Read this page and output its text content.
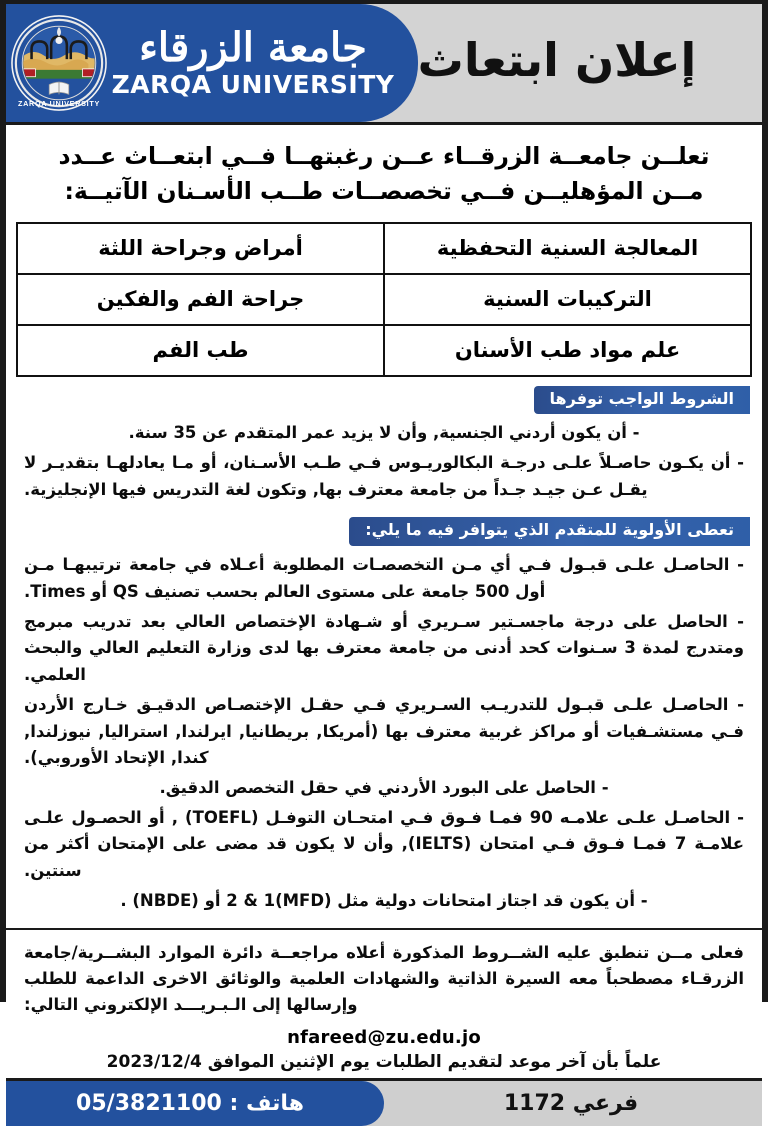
إعلان ابتعاث
ZARQA UNIVERSITY
جامعة الزرقاء
ZARQA UNIVERSITY
تعلــن جامعــة الزرقــاء عــن رغبتهــا فــي ابتعــاث عــدد
مــن المؤهليــن فــي تخصصــات طــب الأسـنان الآتيــة:
المعالجة السنية التحفظية	أمراض وجراحة اللثة
التركيبات السنية	جراحة الفم والفكين
علم مواد طب الأسنان	طب الفم
الشروط الواجب توفرها
- أن يكون أردني الجنسية, وأن لا يزيد عمر المتقدم عن 35 سنة.
- أن يكـون حاصـلاً علـى درجـة البكالوريـوس فـي طـب الأسـنان، أو مـا يعادلهـا بتقديـر لا يقـل عـن جيـد جـداً من جامعة معترف بها, وتكون لغة التدريس فيها الإنجليزية.
تعطى الأولوية للمتقدم الذي يتوافر فيه ما يلي:
- الحاصـل علـى قبـول فـي أي مـن التخصصـات المطلوبة أعـلاه في جامعة ترتيبهـا مـن أول 500 جامعة على مستوى العالم بحسب تصنيف QS أو Times.
- الحاصل على درجة ماجسـتير سـريري أو شـهادة الإختصاص العالي بعد تدريب مبرمج ومتدرج لمدة 3 سـنوات كحد أدنى من جامعة معترف بها لدى وزارة التعليم العالي والبحث العلمي.
- الحاصـل علـى قبـول للتدريـب السـريري فـي حقـل الإختصـاص الدقيـق خـارج الأردن فـي مستشـفيات أو مراكز غربية معترف بها (أمريكا, بريطانيا, ايرلندا, استراليا, نيوزلندا, كندا, الإتحاد الأوروبي).
- الحاصل على البورد الأردني في حقل التخصص الدقيق.
- الحاصـل علـى علامـه 90 فمـا فـوق فـي امتحـان التوفـل (TOEFL) , أو الحصـول علـى علامـة 7 فمـا فـوق فـي امتحان (IELTS), وأن لا يكون قد مضى على الإمتحان أكثر من سنتين.
- أن يكون قد اجتاز امتحانات دولية مثل (MFD)2 & 1 أو (NBDE) .
فعلى مــن تنطبق عليه الشــروط المذكورة أعلاه مراجعــة دائرة الموارد البشــرية/جامعة الزرقـاء مصطحباً معه السيرة الذاتية والشهادات العلمية والوثائق الاخرى الداعمة للطلب وإرسالها إلى الـبـريـــد الإلكتروني التالي:
nfareed@zu.edu.jo
علماً بأن آخر موعد لتقديم الطلبات يوم الإثنين الموافق 2023/12/4
هاتف : 05/3821100	فرعي 1172
